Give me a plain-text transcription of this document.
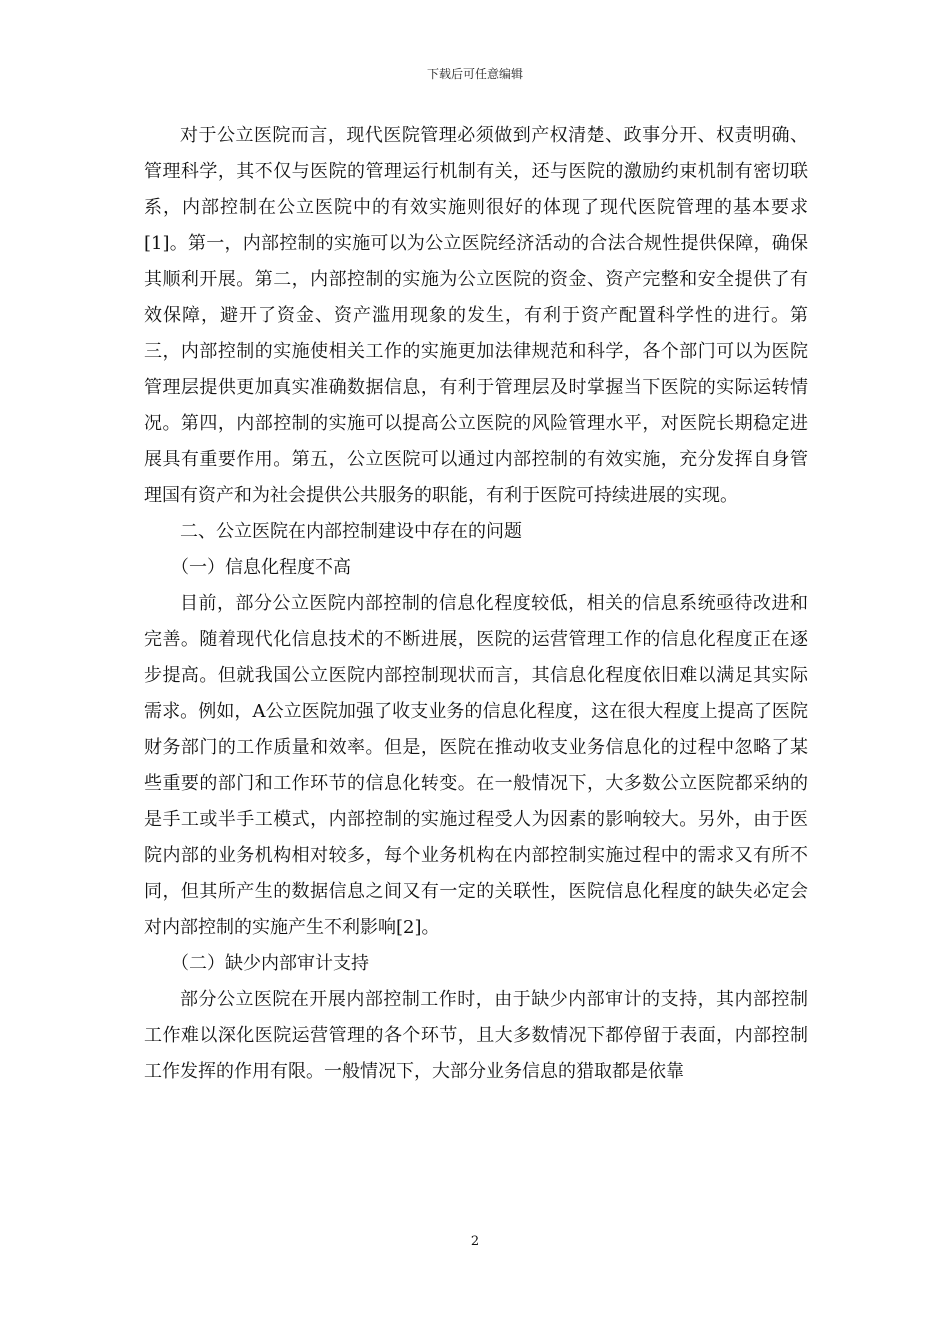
下载后可任意编辑

对于公立医院而言，现代医院管理必须做到产权清楚、政事分开、权责明确、管理科学，其不仅与医院的管理运行机制有关，还与医院的激励约束机制有密切联系，内部控制在公立医院中的有效实施则很好的体现了现代医院管理的基本要求[1]。第一，内部控制的实施可以为公立医院经济活动的合法合规性提供保障，确保其顺利开展。第二，内部控制的实施为公立医院的资金、资产完整和安全提供了有效保障，避开了资金、资产滥用现象的发生，有利于资产配置科学性的进行。第三，内部控制的实施使相关工作的实施更加法律规范和科学，各个部门可以为医院管理层提供更加真实准确数据信息，有利于管理层及时掌握当下医院的实际运转情况。第四，内部控制的实施可以提高公立医院的风险管理水平，对医院长期稳定进展具有重要作用。第五，公立医院可以通过内部控制的有效实施，充分发挥自身管理国有资产和为社会提供公共服务的职能，有利于医院可持续进展的实现。

二、公立医院在内部控制建设中存在的问题

（一）信息化程度不高

目前，部分公立医院内部控制的信息化程度较低，相关的信息系统亟待改进和完善。随着现代化信息技术的不断进展，医院的运营管理工作的信息化程度正在逐步提高。但就我国公立医院内部控制现状而言，其信息化程度依旧难以满足其实际需求。例如，A公立医院加强了收支业务的信息化程度，这在很大程度上提高了医院财务部门的工作质量和效率。但是，医院在推动收支业务信息化的过程中忽略了某些重要的部门和工作环节的信息化转变。在一般情况下，大多数公立医院都采纳的是手工或半手工模式，内部控制的实施过程受人为因素的影响较大。另外，由于医院内部的业务机构相对较多，每个业务机构在内部控制实施过程中的需求又有所不同，但其所产生的数据信息之间又有一定的关联性，医院信息化程度的缺失必定会对内部控制的实施产生不利影响[2]。

（二）缺少内部审计支持

部分公立医院在开展内部控制工作时，由于缺少内部审计的支持，其内部控制工作难以深化医院运营管理的各个环节，且大多数情况下都停留于表面，内部控制工作发挥的作用有限。一般情况下，大部分业务信息的猎取都是依靠

2
